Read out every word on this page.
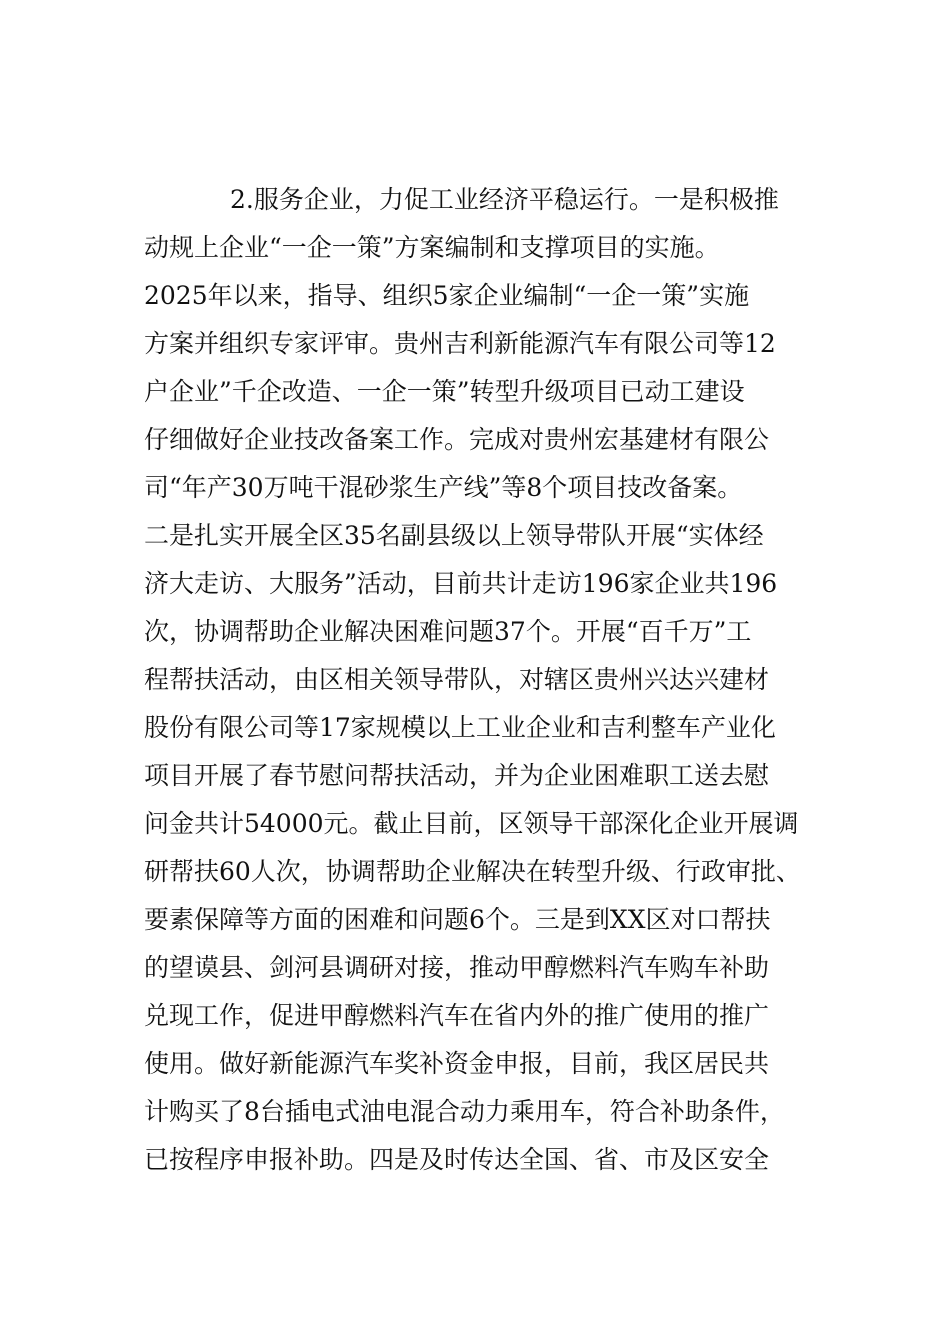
2.服务企业，力促工业经济平稳运行。一是积极推
动规上企业“一企一策”方案编制和支撑项目的实施。
2025年以来，指导、组织5家企业编制“一企一策”实施
方案并组织专家评审。贵州吉利新能源汽车有限公司等12
户企业”千企改造、一企一策”转型升级项目已动工建设
仔细做好企业技改备案工作。完成对贵州宏基建材有限公
司“年产30万吨干混砂浆生产线”等8个项目技改备案。
二是扎实开展全区35名副县级以上领导带队开展“实体经
济大走访、大服务”活动，目前共计走访196家企业共196
次，协调帮助企业解决困难问题37个。开展“百千万”工
程帮扶活动，由区相关领导带队，对辖区贵州兴达兴建材
股份有限公司等17家规模以上工业企业和吉利整车产业化
项目开展了春节慰问帮扶活动，并为企业困难职工送去慰
问金共计54000元。截止目前，区领导干部深化企业开展调
研帮扶60人次，协调帮助企业解决在转型升级、行政审批、
要素保障等方面的困难和问题6个。三是到XX区对口帮扶
的望谟县、剑河县调研对接，推动甲醇燃料汽车购车补助
兑现工作，促进甲醇燃料汽车在省内外的推广使用的推广
使用。做好新能源汽车奖补资金申报，目前，我区居民共
计购买了8台插电式油电混合动力乘用车，符合补助条件，
已按程序申报补助。四是及时传达全国、省、市及区安全
